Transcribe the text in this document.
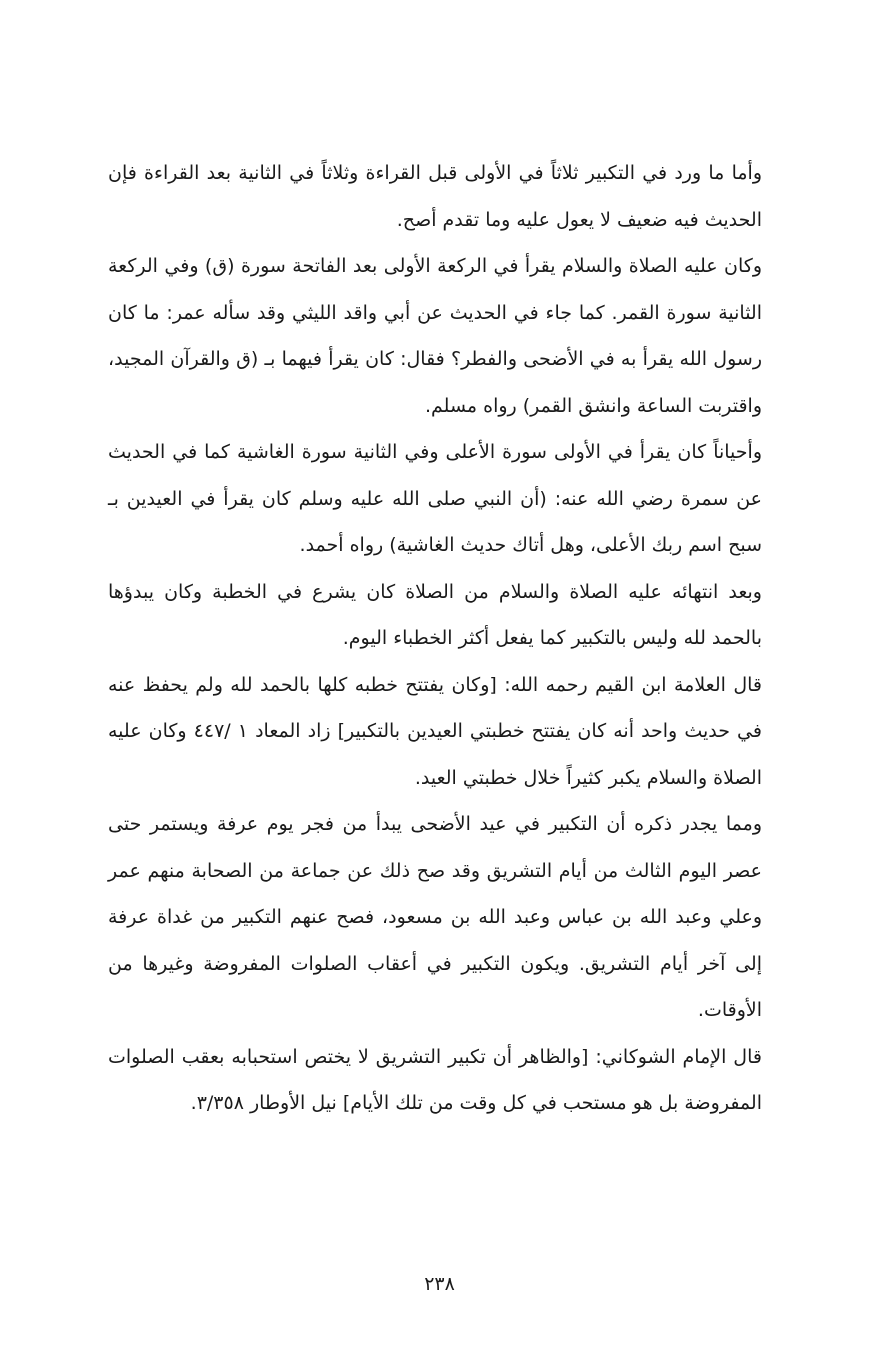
وأما ما ورد في التكبير ثلاثاً في الأولى قبل القراءة وثلاثاً في الثانية بعد القراءة فإن الحديث فيه ضعيف لا يعول عليه وما تقدم أصح.

وكان عليه الصلاة والسلام يقرأ في الركعة الأولى بعد الفاتحة سورة (ق) وفي الركعة الثانية سورة القمر. كما جاء في الحديث عن أبي واقد الليثي وقد سأله عمر: ما كان رسول الله يقرأ به في الأضحى والفطر؟ فقال: كان يقرأ فيهما بـ (ق والقرآن المجيد، واقتربت الساعة وانشق القمر) رواه مسلم.

وأحياناً كان يقرأ في الأولى سورة الأعلى وفي الثانية سورة الغاشية كما في الحديث عن سمرة رضي الله عنه: (أن النبي صلى الله عليه وسلم كان يقرأ في العيدين بـ سبح اسم ربك الأعلى، وهل أتاك حديث الغاشية) رواه أحمد.

وبعد انتهائه عليه الصلاة والسلام من الصلاة كان يشرع في الخطبة وكان يبدؤها بالحمد لله وليس بالتكبير كما يفعل أكثر الخطباء اليوم.

قال العلامة ابن القيم رحمه الله: [وكان يفتتح خطبه كلها بالحمد لله ولم يحفظ عنه في حديث واحد أنه كان يفتتح خطبتي العيدين بالتكبير] زاد المعاد ١ /٤٤٧ وكان عليه الصلاة والسلام يكبر كثيراً خلال خطبتي العيد.

ومما يجدر ذكره أن التكبير في عيد الأضحى يبدأ من فجر يوم عرفة ويستمر حتى عصر اليوم الثالث من أيام التشريق وقد صح ذلك عن جماعة من الصحابة منهم عمر وعلي وعبد الله بن عباس وعبد الله بن مسعود، فصح عنهم التكبير من غداة عرفة إلى آخر أيام التشريق. ويكون التكبير في أعقاب الصلوات المفروضة وغيرها من الأوقات.

قال الإمام الشوكاني: [والظاهر أن تكبير التشريق لا يختص استحبابه بعقب الصلوات المفروضة بل هو مستحب في كل وقت من تلك الأيام] نيل الأوطار ٣/٣٥٨.

٢٣٨
